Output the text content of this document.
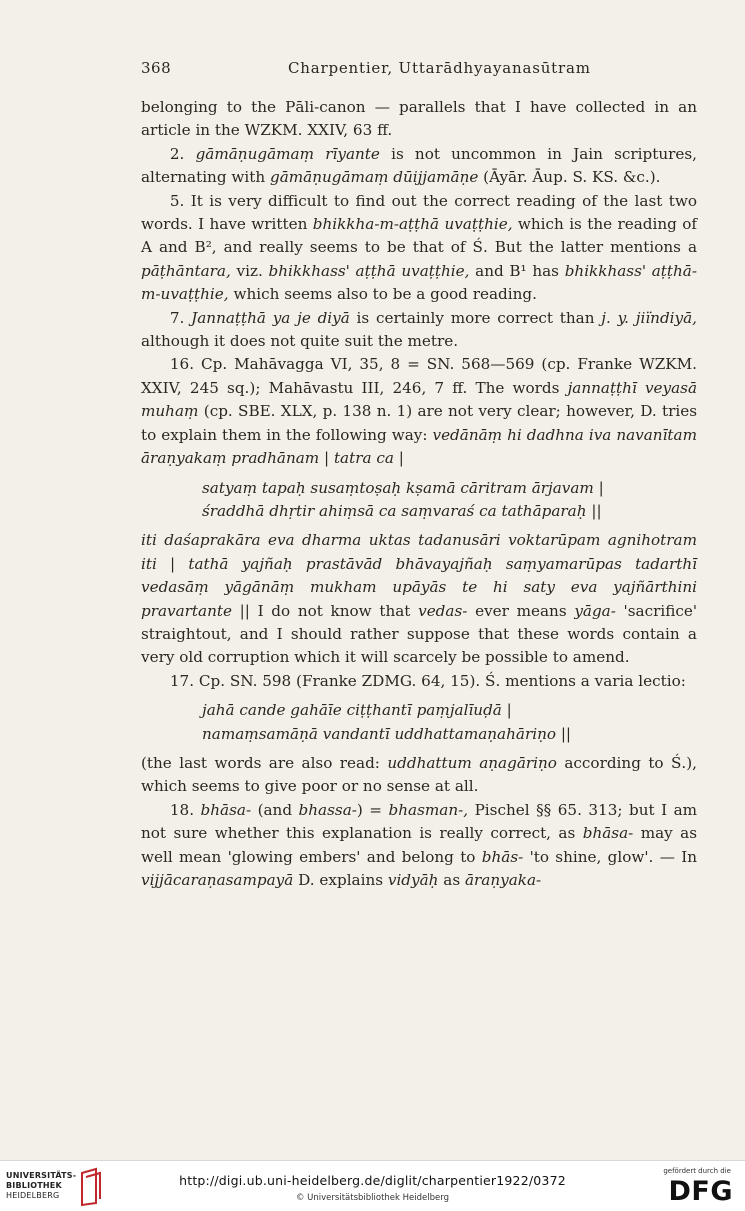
368	Charpentier, Uttarādhyayanasūtram

belonging to the Pāli-canon — parallels that I have collected in an article in the WZKM. XXIV, 63 ff.

2. gāmāṇugāmaṃ rīyante is not uncommon in Jain scriptures, alternating with gāmāṇugāmaṃ dūijjamāṇe (Āyār. Āup. S. KS. &c.).

5. It is very difficult to find out the correct reading of the last two words. I have written bhikkha-m-aṭṭhā uvaṭṭhie, which is the reading of A and B², and really seems to be that of Ś. But the latter mentions a pāṭhāntara, viz. bhikkhass' aṭṭhā uvaṭṭhie, and B¹ has bhikkhass' aṭṭhā-m-uvaṭṭhie, which seems also to be a good reading.

7. Jannaṭṭhā ya je diyā is certainly more correct than j. y. jiïndiyā, although it does not quite suit the metre.

16. Cp. Mahāvagga VI, 35, 8 = SN. 568—569 (cp. Franke WZKM. XXIV, 245 sq.); Mahāvastu III, 246, 7 ff. The words jannaṭṭhī veyasā muhaṃ (cp. SBE. XLX, p. 138 n. 1) are not very clear; however, D. tries to explain them in the following way: vedānāṃ hi dadhna iva navanītam āraṇyakaṃ pradhānam | tatra ca |

satyaṃ tapaḥ susaṃtoṣaḥ kṣamā cāritram ārjavam |
śraddhā dhṛtir ahiṃsā ca saṃvaraś ca tathāparaḥ ||

iti daśaprakāra eva dharma uktas tadanusāri voktarūpam agnihotram iti | tathā yajñaḥ prastāvād bhāvayajñaḥ saṃyamarūpas tadarthī vedasāṃ yāgānāṃ mukham upāyās te hi saty eva yajñārthini pravartante || I do not know that vedas- ever means yāga- 'sacrifice' straightout, and I should rather suppose that these words contain a very old corruption which it will scarcely be possible to amend.

17. Cp. SN. 598 (Franke ZDMG. 64, 15). Ś. mentions a varia lectio:

jahā cande gahāīe ciṭṭhantī paṃjalīuḍā |
namaṃsamāṇā vandantī uddhattamaṇahāriṇo ||

(the last words are also read: uddhattum aṇagāriṇo according to Ś.), which seems to give poor or no sense at all.

18. bhāsa- (and bhassa-) = bhasman-, Pischel §§ 65. 313; but I am not sure whether this explanation is really correct, as bhāsa- may as well mean 'glowing embers' and belong to bhās- 'to shine, glow'. — In vijjācaraṇasampayā D. explains vidyāḥ as āraṇyaka-

UNIVERSITÄTS-
BIBLIOTHEK
HEIDELBERG
http://digi.ub.uni-heidelberg.de/diglit/charpentier1922/0372
© Universitätsbibliothek Heidelberg
gefördert durch die
DFG
